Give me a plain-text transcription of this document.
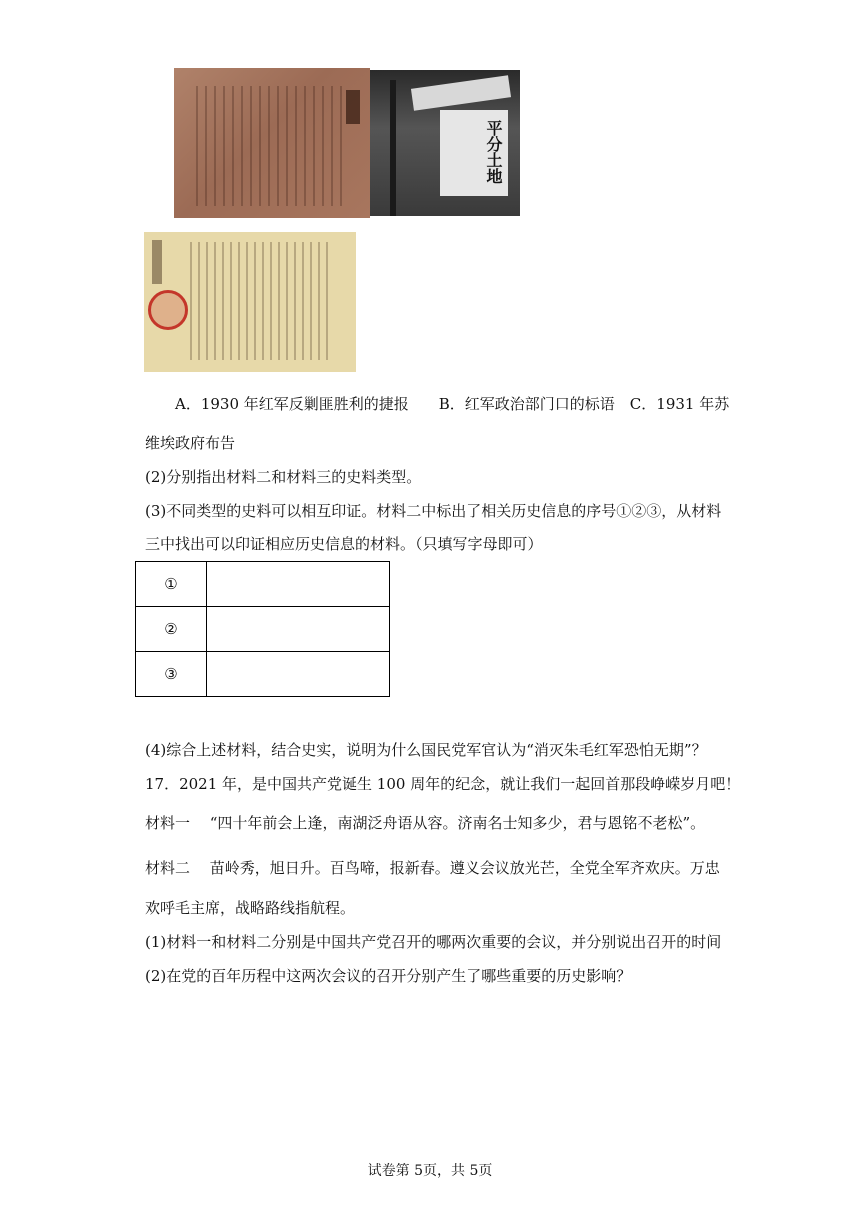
平分土地
A．1930 年红军反剿匪胜利的捷报　　B．红军政治部门口的标语　C．1931 年苏
维埃政府布告
(2)分别指出材料二和材料三的史料类型。
(3)不同类型的史料可以相互印证。材料二中标出了相关历史信息的序号①②③，从材料
三中找出可以印证相应历史信息的材料。（只填写字母即可）
①	
②	
③	
(4)综合上述材料，结合史实，说明为什么国民党军官认为“消灭朱毛红军恐怕无期”？
17．2021 年，是中国共产党诞生 100 周年的纪念，就让我们一起回首那段峥嵘岁月吧！
材料一　 “四十年前会上逢，南湖泛舟语从容。济南名士知多少，君与恩铭不老松”。
材料二　 苗岭秀，旭日升。百鸟啼，报新春。遵义会议放光芒，全党全军齐欢庆。万忠
欢呼毛主席，战略路线指航程。
(1)材料一和材料二分别是中国共产党召开的哪两次重要的会议，并分别说出召开的时间
(2)在党的百年历程中这两次会议的召开分别产生了哪些重要的历史影响？
试卷第 5页，共 5页
